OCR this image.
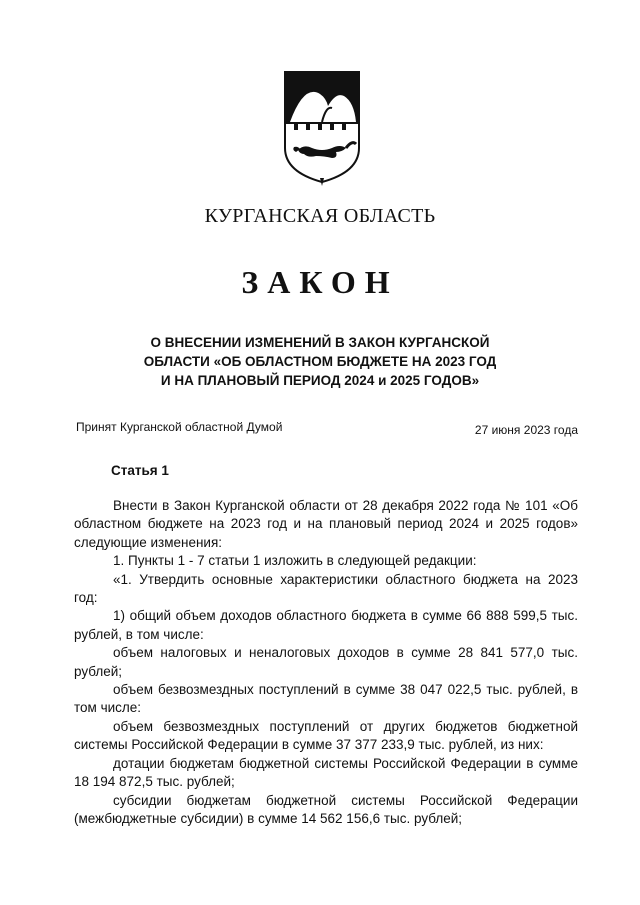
КУРГАНСКАЯ ОБЛАСТЬ
ЗАКОН
О ВНЕСЕНИИ ИЗМЕНЕНИЙ В ЗАКОН КУРГАНСКОЙ
ОБЛАСТИ «ОБ ОБЛАСТНОМ БЮДЖЕТЕ НА 2023 ГОД
И НА ПЛАНОВЫЙ ПЕРИОД 2024 и 2025 ГОДОВ»
Принят Курганской областной Думой	27 июня 2023 года
Статья 1

Внести в Закон Курганской области от 28 декабря 2022 года № 101 «Об областном бюджете на 2023 год и на плановый период 2024 и 2025 годов» следующие изменения:

1. Пункты 1 - 7 статьи 1 изложить в следующей редакции:

«1. Утвердить основные характеристики областного бюджета на 2023 год:

1) общий объем доходов областного бюджета в сумме 66 888 599,5 тыс. рублей, в том числе:

объем налоговых и неналоговых доходов в сумме 28 841 577,0 тыс. рублей;

объем безвозмездных поступлений в сумме 38 047 022,5 тыс. рублей, в том числе:

объем безвозмездных поступлений от других бюджетов бюджетной системы Российской Федерации в сумме 37 377 233,9 тыс. рублей, из них:

дотации бюджетам бюджетной системы Российской Федерации в сумме 18 194 872,5 тыс. рублей;

субсидии бюджетам бюджетной системы Российской Федерации (межбюджетные субсидии) в сумме 14 562 156,6 тыс. рублей;
